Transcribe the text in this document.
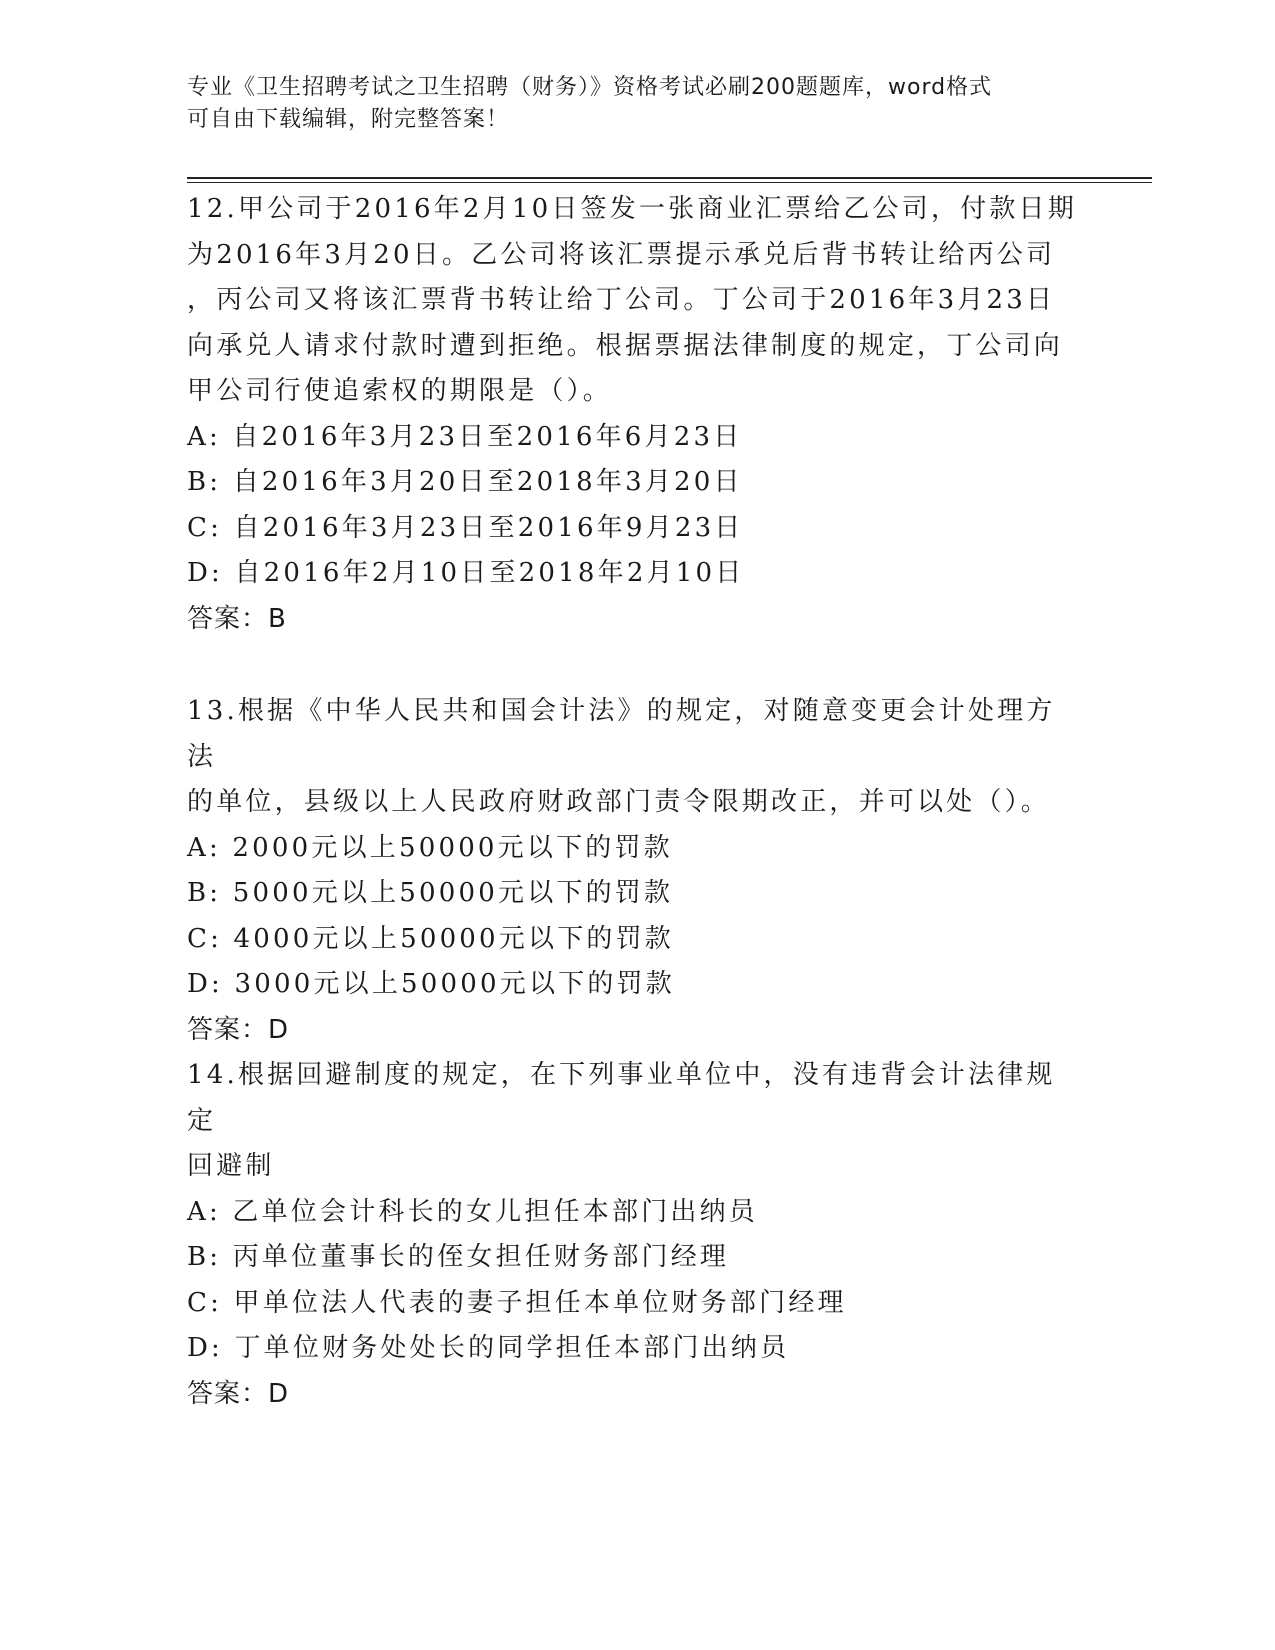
专业《卫生招聘考试之卫生招聘（财务）》资格考试必刷200题题库，word格式
可自由下载编辑，附完整答案！
12.甲公司于2016年2月10日签发一张商业汇票给乙公司，付款日期
为2016年3月20日。乙公司将该汇票提示承兑后背书转让给丙公司
，丙公司又将该汇票背书转让给丁公司。丁公司于2016年3月23日
向承兑人请求付款时遭到拒绝。根据票据法律制度的规定，丁公司向
甲公司行使追索权的期限是（）。
A: 自2016年3月23日至2016年6月23日
B: 自2016年3月20日至2018年3月20日
C: 自2016年3月23日至2016年9月23日
D: 自2016年2月10日至2018年2月10日
答案：B
13.根据《中华人民共和国会计法》的规定，对随意变更会计处理方法
的单位，县级以上人民政府财政部门责令限期改正，并可以处（）。
A: 2000元以上50000元以下的罚款
B: 5000元以上50000元以下的罚款
C: 4000元以上50000元以下的罚款
D: 3000元以上50000元以下的罚款
答案：D
14.根据回避制度的规定，在下列事业单位中，没有违背会计法律规定
回避制
A: 乙单位会计科长的女儿担任本部门出纳员
B: 丙单位董事长的侄女担任财务部门经理
C: 甲单位法人代表的妻子担任本单位财务部门经理
D: 丁单位财务处处长的同学担任本部门出纳员
答案：D
